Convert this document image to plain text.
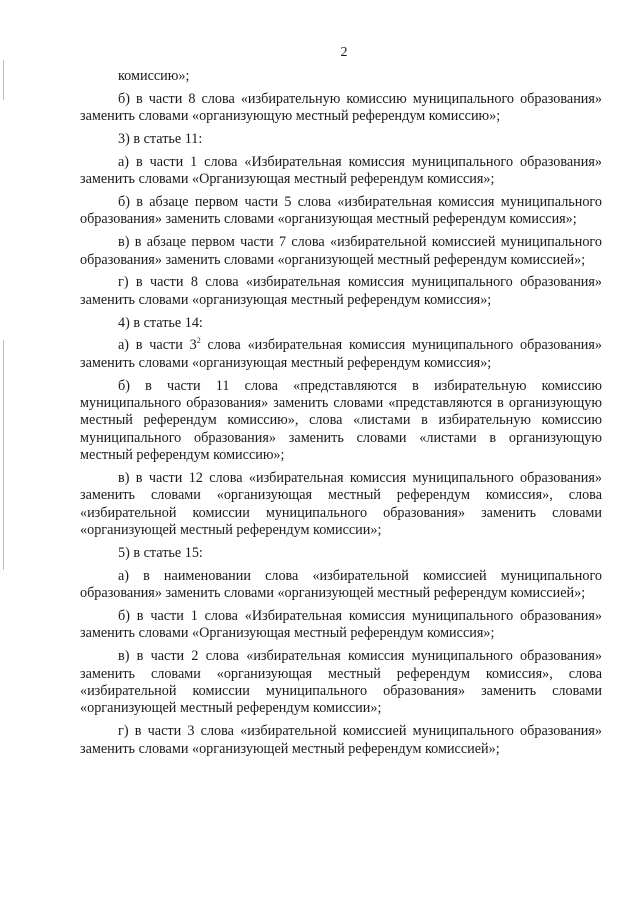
2

комиссию»;

б) в части 8 слова «избирательную комиссию муниципального образования» заменить словами «организующую местный референдум комиссию»;

3) в статье 11:

а) в части 1 слова «Избирательная комиссия муниципального образования» заменить словами «Организующая местный референдум комиссия»;

б) в абзаце первом части 5 слова «избирательная комиссия муниципального образования» заменить словами «организующая местный референдум комиссия»;

в) в абзаце первом части 7 слова «избирательной комиссией муниципального образования» заменить словами «организующей местный референдум комиссией»;

г) в части 8 слова «избирательная комиссия муниципального образования» заменить словами «организующая местный референдум комиссия»;

4) в статье 14:

а) в части $3^2$ слова «избирательная комиссия муниципального образования» заменить словами «организующая местный референдум комиссия»;

б) в части 11 слова «представляются в избирательную комиссию муниципального образования» заменить словами «представляются в организующую местный референдум комиссию», слова «листами в избирательную комиссию муниципального образования» заменить словами «листами в организующую местный референдум комиссию»;

в) в части 12 слова «избирательная комиссия муниципального образования» заменить словами «организующая местный референдум комиссия», слова «избирательной комиссии муниципального образования» заменить словами «организующей местный референдум комиссии»;

5) в статье 15:

а) в наименовании слова «избирательной комиссией муниципального образования» заменить словами «организующей местный референдум комиссией»;

б) в части 1 слова «Избирательная комиссия муниципального образования» заменить словами «Организующая местный референдум комиссия»;

в) в части 2 слова «избирательная комиссия муниципального образования» заменить словами «организующая местный референдум комиссия», слова «избирательной комиссии муниципального образования» заменить словами «организующей местный референдум комиссии»;

г) в части 3 слова «избирательной комиссией муниципального образования» заменить словами «организующей местный референдум комиссией»;
